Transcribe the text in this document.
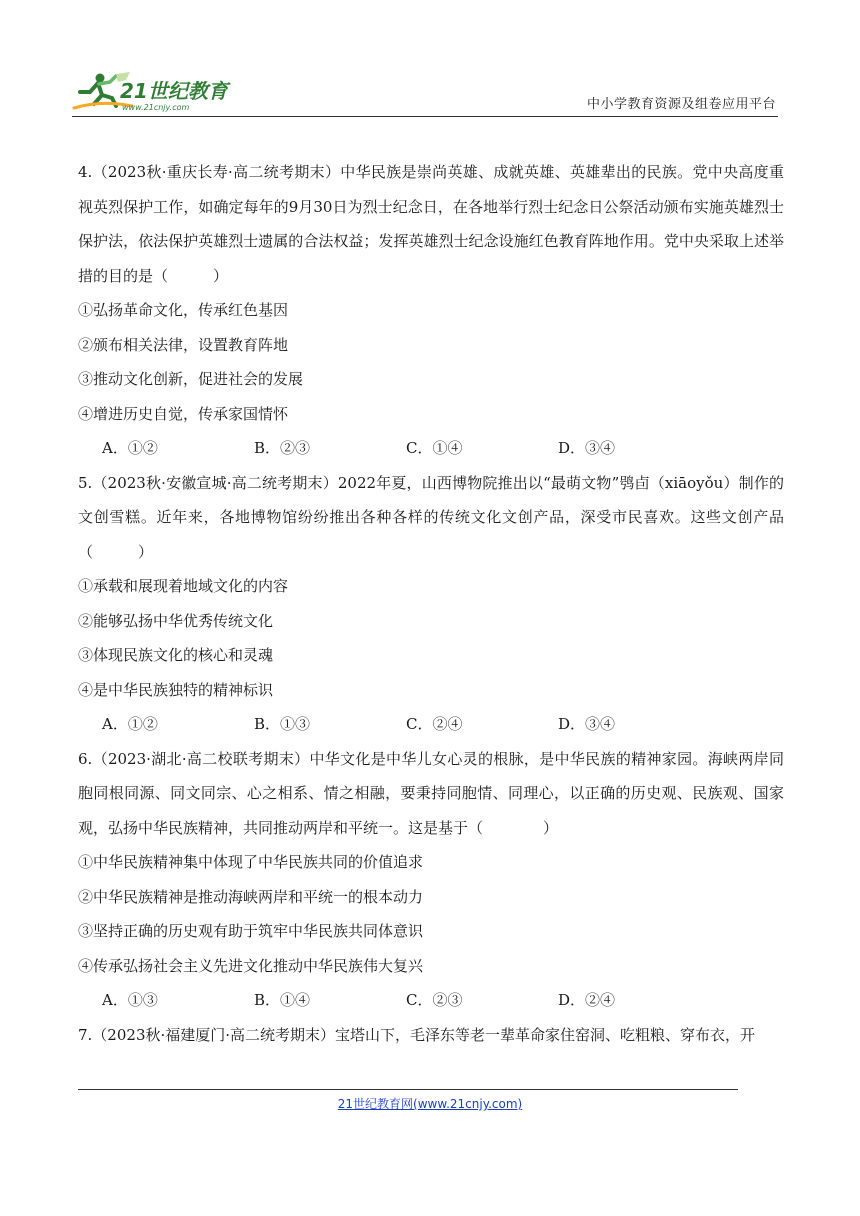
21世纪教育
www.21cnjy.com	中小学教育资源及组卷应用平台

4.（2023秋·重庆长寿·高二统考期末）中华民族是崇尚英雄、成就英雄、英雄辈出的民族。党中央高度重视英烈保护工作，如确定每年的9月30日为烈士纪念日，在各地举行烈士纪念日公祭活动颁布实施英雄烈士保护法，依法保护英雄烈士遗属的合法权益；发挥英雄烈士纪念设施红色教育阵地作用。党中央采取上述举措的目的是（　　　）

①弘扬革命文化，传承红色基因

②颁布相关法律，设置教育阵地

③推动文化创新，促进社会的发展

④增进历史自觉，传承家国情怀

A．①②	B．②③	C．①④	D．③④

5.（2023秋·安徽宣城·高二统考期末）2022年夏，山西博物院推出以“最萌文物”鸮卣（xiāoyǒu）制作的文创雪糕。近年来，各地博物馆纷纷推出各种各样的传统文化文创产品，深受市民喜欢。这些文创产品（　　　）

①承载和展现着地域文化的内容

②能够弘扬中华优秀传统文化

③体现民族文化的核心和灵魂

④是中华民族独特的精神标识

A．①②	B．①③	C．②④	D．③④

6.（2023·湖北·高二校联考期末）中华文化是中华儿女心灵的根脉，是中华民族的精神家园。海峡两岸同胞同根同源、同文同宗、心之相系、情之相融，要秉持同胞情、同理心，以正确的历史观、民族观、国家观，弘扬中华民族精神，共同推动两岸和平统一。这是基于（　　　　）

①中华民族精神集中体现了中华民族共同的价值追求

②中华民族精神是推动海峡两岸和平统一的根本动力

③坚持正确的历史观有助于筑牢中华民族共同体意识

④传承弘扬社会主义先进文化推动中华民族伟大复兴

A．①③	B．①④	C．②③	D．②④

7.（2023秋·福建厦门·高二统考期末）宝塔山下，毛泽东等老一辈革命家住窑洞、吃粗粮、穿布衣，开

21世纪教育网(www.21cnjy.com)
